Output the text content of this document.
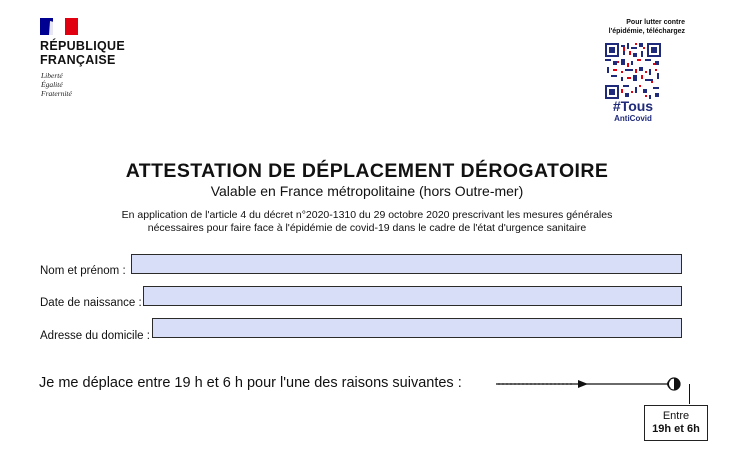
RÉPUBLIQUE
FRANÇAISE
Liberté
Égalité
Fraternité
Pour lutter contre
l'épidémie, téléchargez
#Tous
AntiCovid
ATTESTATION DE DÉPLACEMENT DÉROGATOIRE
Valable en France métropolitaine (hors Outre-mer)
En application de l'article 4 du décret n°2020-1310 du 29 octobre 2020 prescrivant les mesures générales
nécessaires pour faire face à l'épidémie de covid-19 dans le cadre de l'état d'urgence sanitaire
Nom et prénom :
Date de naissance :
Adresse du domicile :
Je me déplace entre 19 h et 6 h pour l'une des raisons suivantes :
Entre
19h et 6h
